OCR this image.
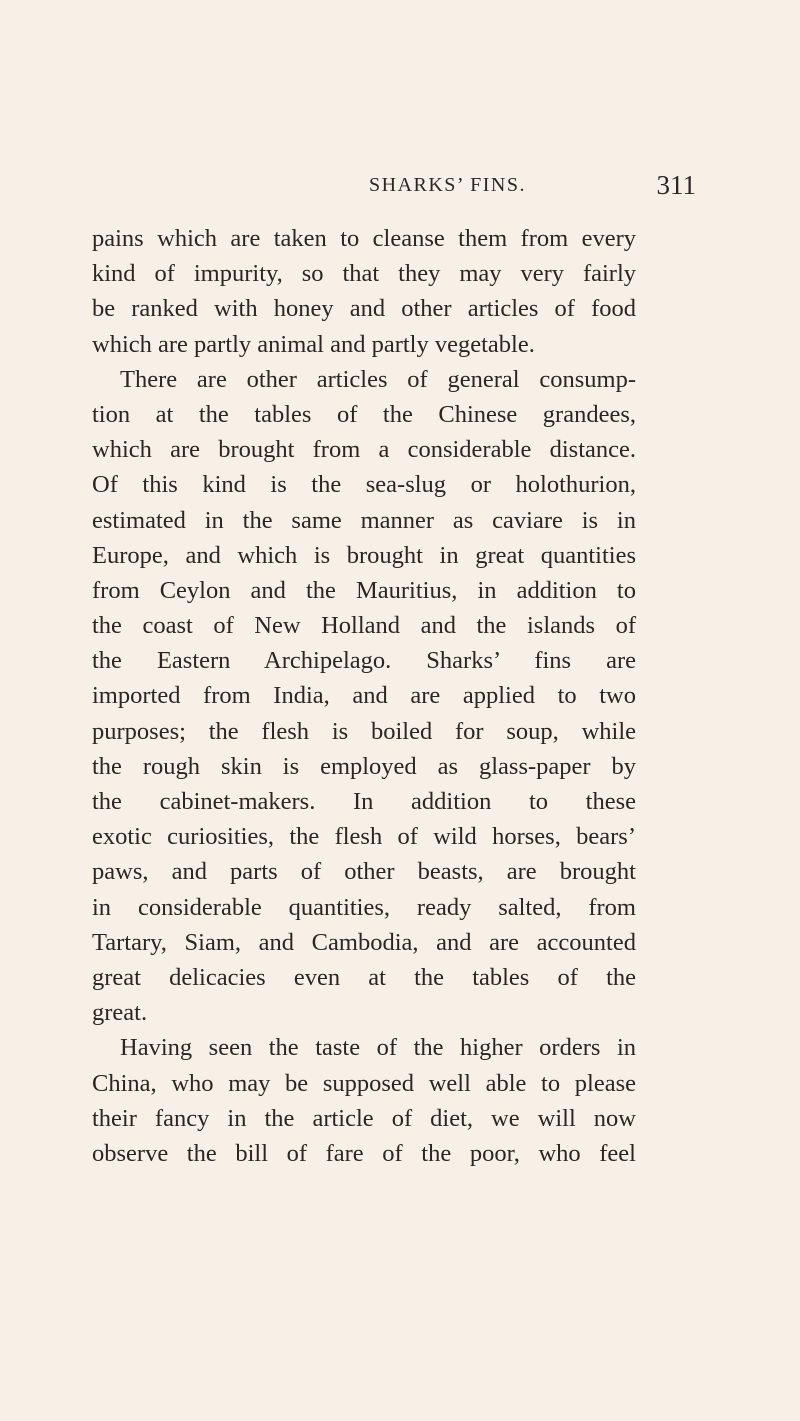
SHARKS’ FINS.	311
pains which are taken to cleanse them from every
kind of impurity, so that they may very fairly
be ranked with honey and other articles of food
which are partly animal and partly vegetable.
There are other articles of general consump-
tion at the tables of the Chinese grandees,
which are brought from a considerable distance.
Of this kind is the sea-slug or holothurion,
estimated in the same manner as caviare is in
Europe, and which is brought in great quantities
from Ceylon and the Mauritius, in addition to
the coast of New Holland and the islands of
the Eastern Archipelago. Sharks’ fins are
imported from India, and are applied to two
purposes; the flesh is boiled for soup, while
the rough skin is employed as glass-paper by
the cabinet-makers. In addition to these
exotic curiosities, the flesh of wild horses, bears’
paws, and parts of other beasts, are brought
in considerable quantities, ready salted, from
Tartary, Siam, and Cambodia, and are accounted
great delicacies even at the tables of the
great.
Having seen the taste of the higher orders in
China, who may be supposed well able to please
their fancy in the article of diet, we will now
observe the bill of fare of the poor, who feel
